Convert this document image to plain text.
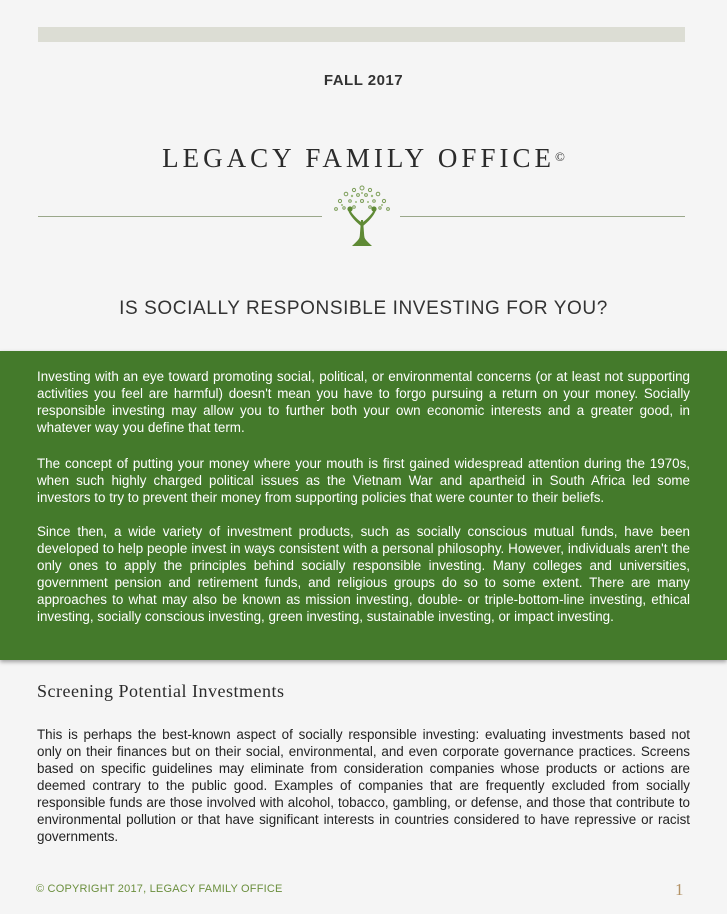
FALL 2017
LEGACY FAMILY OFFICE©
IS SOCIALLY RESPONSIBLE INVESTING FOR YOU?

Investing with an eye toward promoting social, political, or environmental concerns (or at least not supporting activities you feel are harmful) doesn't mean you have to forgo pursuing a return on your money. Socially responsible investing may allow you to further both your own economic interests and a greater good, in whatever way you define that term.

The concept of putting your money where your mouth is first gained widespread attention during the 1970s, when such highly charged political issues as the Vietnam War and apartheid in South Africa led some investors to try to prevent their money from supporting policies that were counter to their beliefs.

Since then, a wide variety of investment products, such as socially conscious mutual funds, have been developed to help people invest in ways consistent with a personal philosophy. However, individuals aren't the only ones to apply the principles behind socially responsible investing. Many colleges and universities, government pension and retirement funds, and religious groups do so to some extent. There are many approaches to what may also be known as mission investing, double- or triple-bottom-line investing, ethical investing, socially conscious investing, green investing, sustainable investing, or impact investing.

Screening Potential Investments

This is perhaps the best-known aspect of socially responsible investing: evaluating investments based not only on their finances but on their social, environmental, and even corporate governance practices. Screens based on specific guidelines may eliminate from consideration companies whose products or actions are deemed contrary to the public good. Examples of companies that are frequently excluded from socially responsible funds are those involved with alcohol, tobacco, gambling, or defense, and those that contribute to environmental pollution or that have significant interests in countries considered to have repressive or racist governments.

© COPYRIGHT 2017, LEGACY FAMILY OFFICE	1
